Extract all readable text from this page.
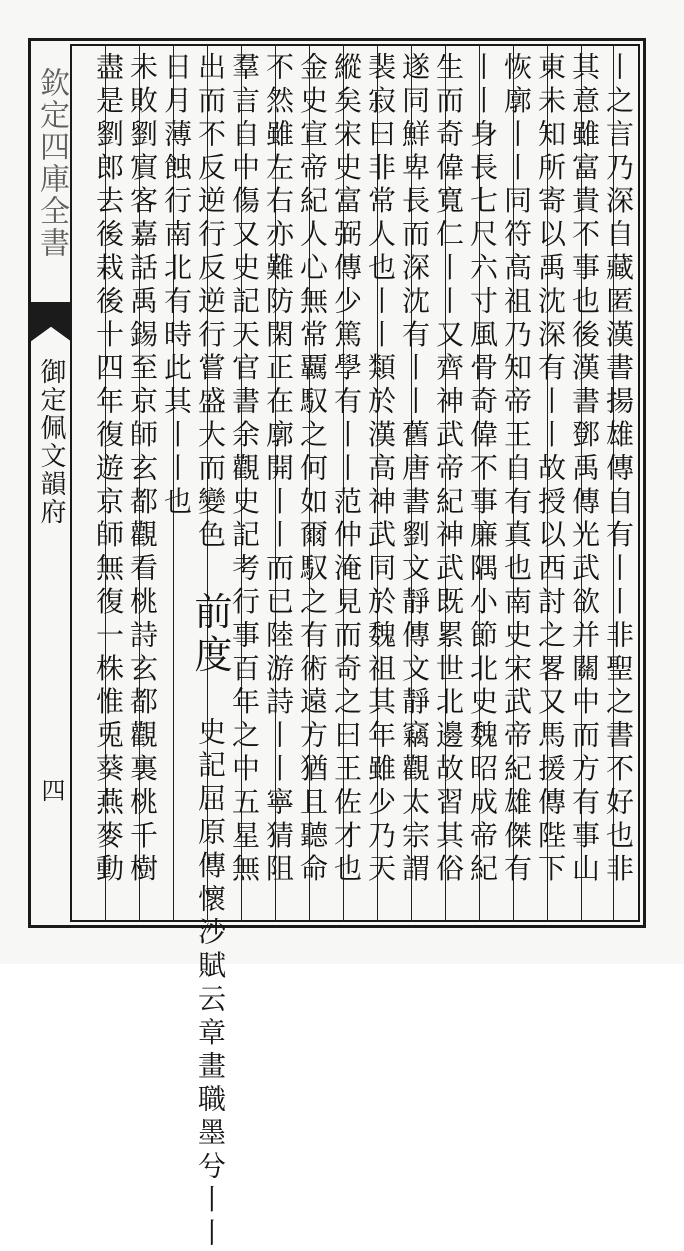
欽定四庫全書
御定佩文韻府
四	丨之言乃深自藏匿漢書揚雄傳自有丨丨非聖之書不好也非
其意雖富貴不事也後漢書鄧禹傳光武欲并關中而方有事山
東未知所寄以禹沈深有丨丨故授以西討之畧又馬援傳陛下
恢廓丨丨同符高祖乃知帝王自有真也南史宋武帝紀雄傑有
丨丨身長七尺六寸風骨奇偉不事廉隅小節北史魏昭成帝紀
生而奇偉寬仁丨丨又齊神武帝紀神武既累世北邊故習其俗
遂同鮮卑長而深沈有丨丨舊唐書劉文靜傳文靜竊觀太宗謂
裴寂曰非常人也丨丨類於漢高神武同於魏祖其年雖少乃天
縱矣宋史富弼傳少篤學有丨丨范仲淹見而奇之曰王佐才也
金史宣帝紀人心無常覊馭之何如爾馭之有術遠方猶且聽命
不然雖左右亦難防閑正在廓開丨丨而已陸游詩丨丨寧猜阻
羣言自中傷又史記天官書余觀史記考行事百年之中五星無
出而不反逆行反逆行嘗盛大而變色 前度 史記屈原傳懷沙賦云章畫職墨兮丨丨
日月薄蝕行南北有時此其丨丨也
未敗劉賔客嘉話禹錫至京師玄都觀看桃詩玄都觀裏桃千樹
盡是劉郎去後栽後十四年復遊京師無復一株惟兎葵燕麥動
